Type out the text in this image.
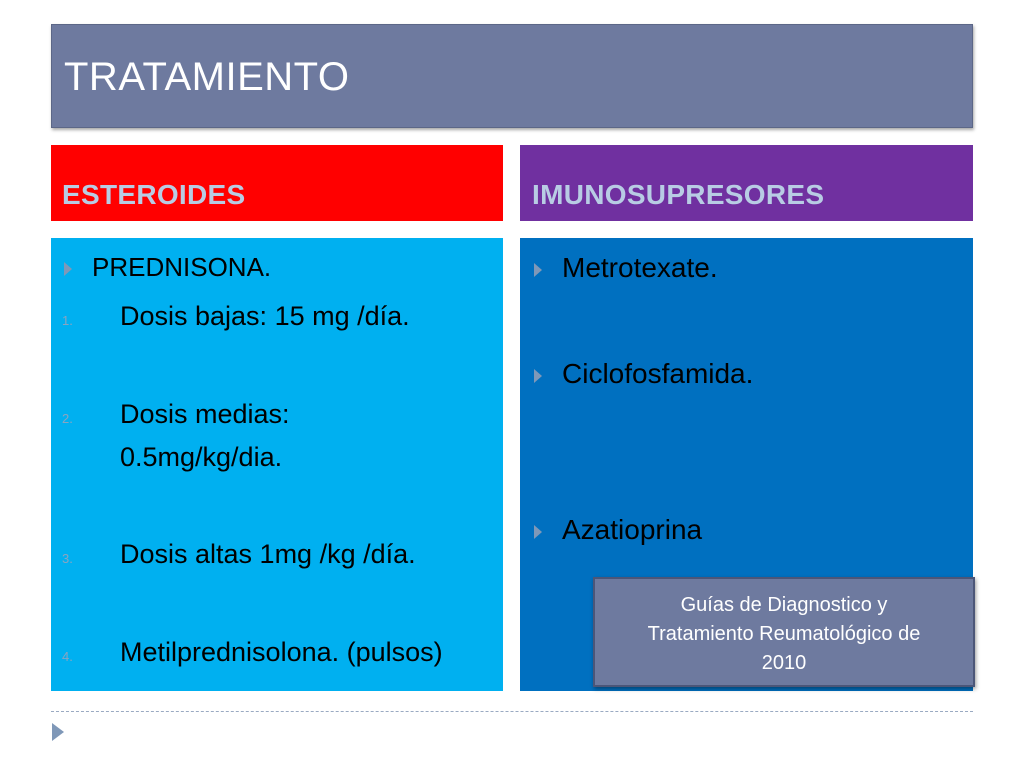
TRATAMIENTO
ESTEROIDES	IMUNOSUPRESORES
PREDNISONA.
1. Dosis bajas: 15 mg /día.
2. Dosis medias:
0.5mg/kg/dia.
3. Dosis altas 1mg /kg /día.
4. Metilprednisolona. (pulsos)
Metrotexate.
Ciclofosfamida.
Azatioprina
Guías de Diagnostico y
Tratamiento Reumatológico de
2010
